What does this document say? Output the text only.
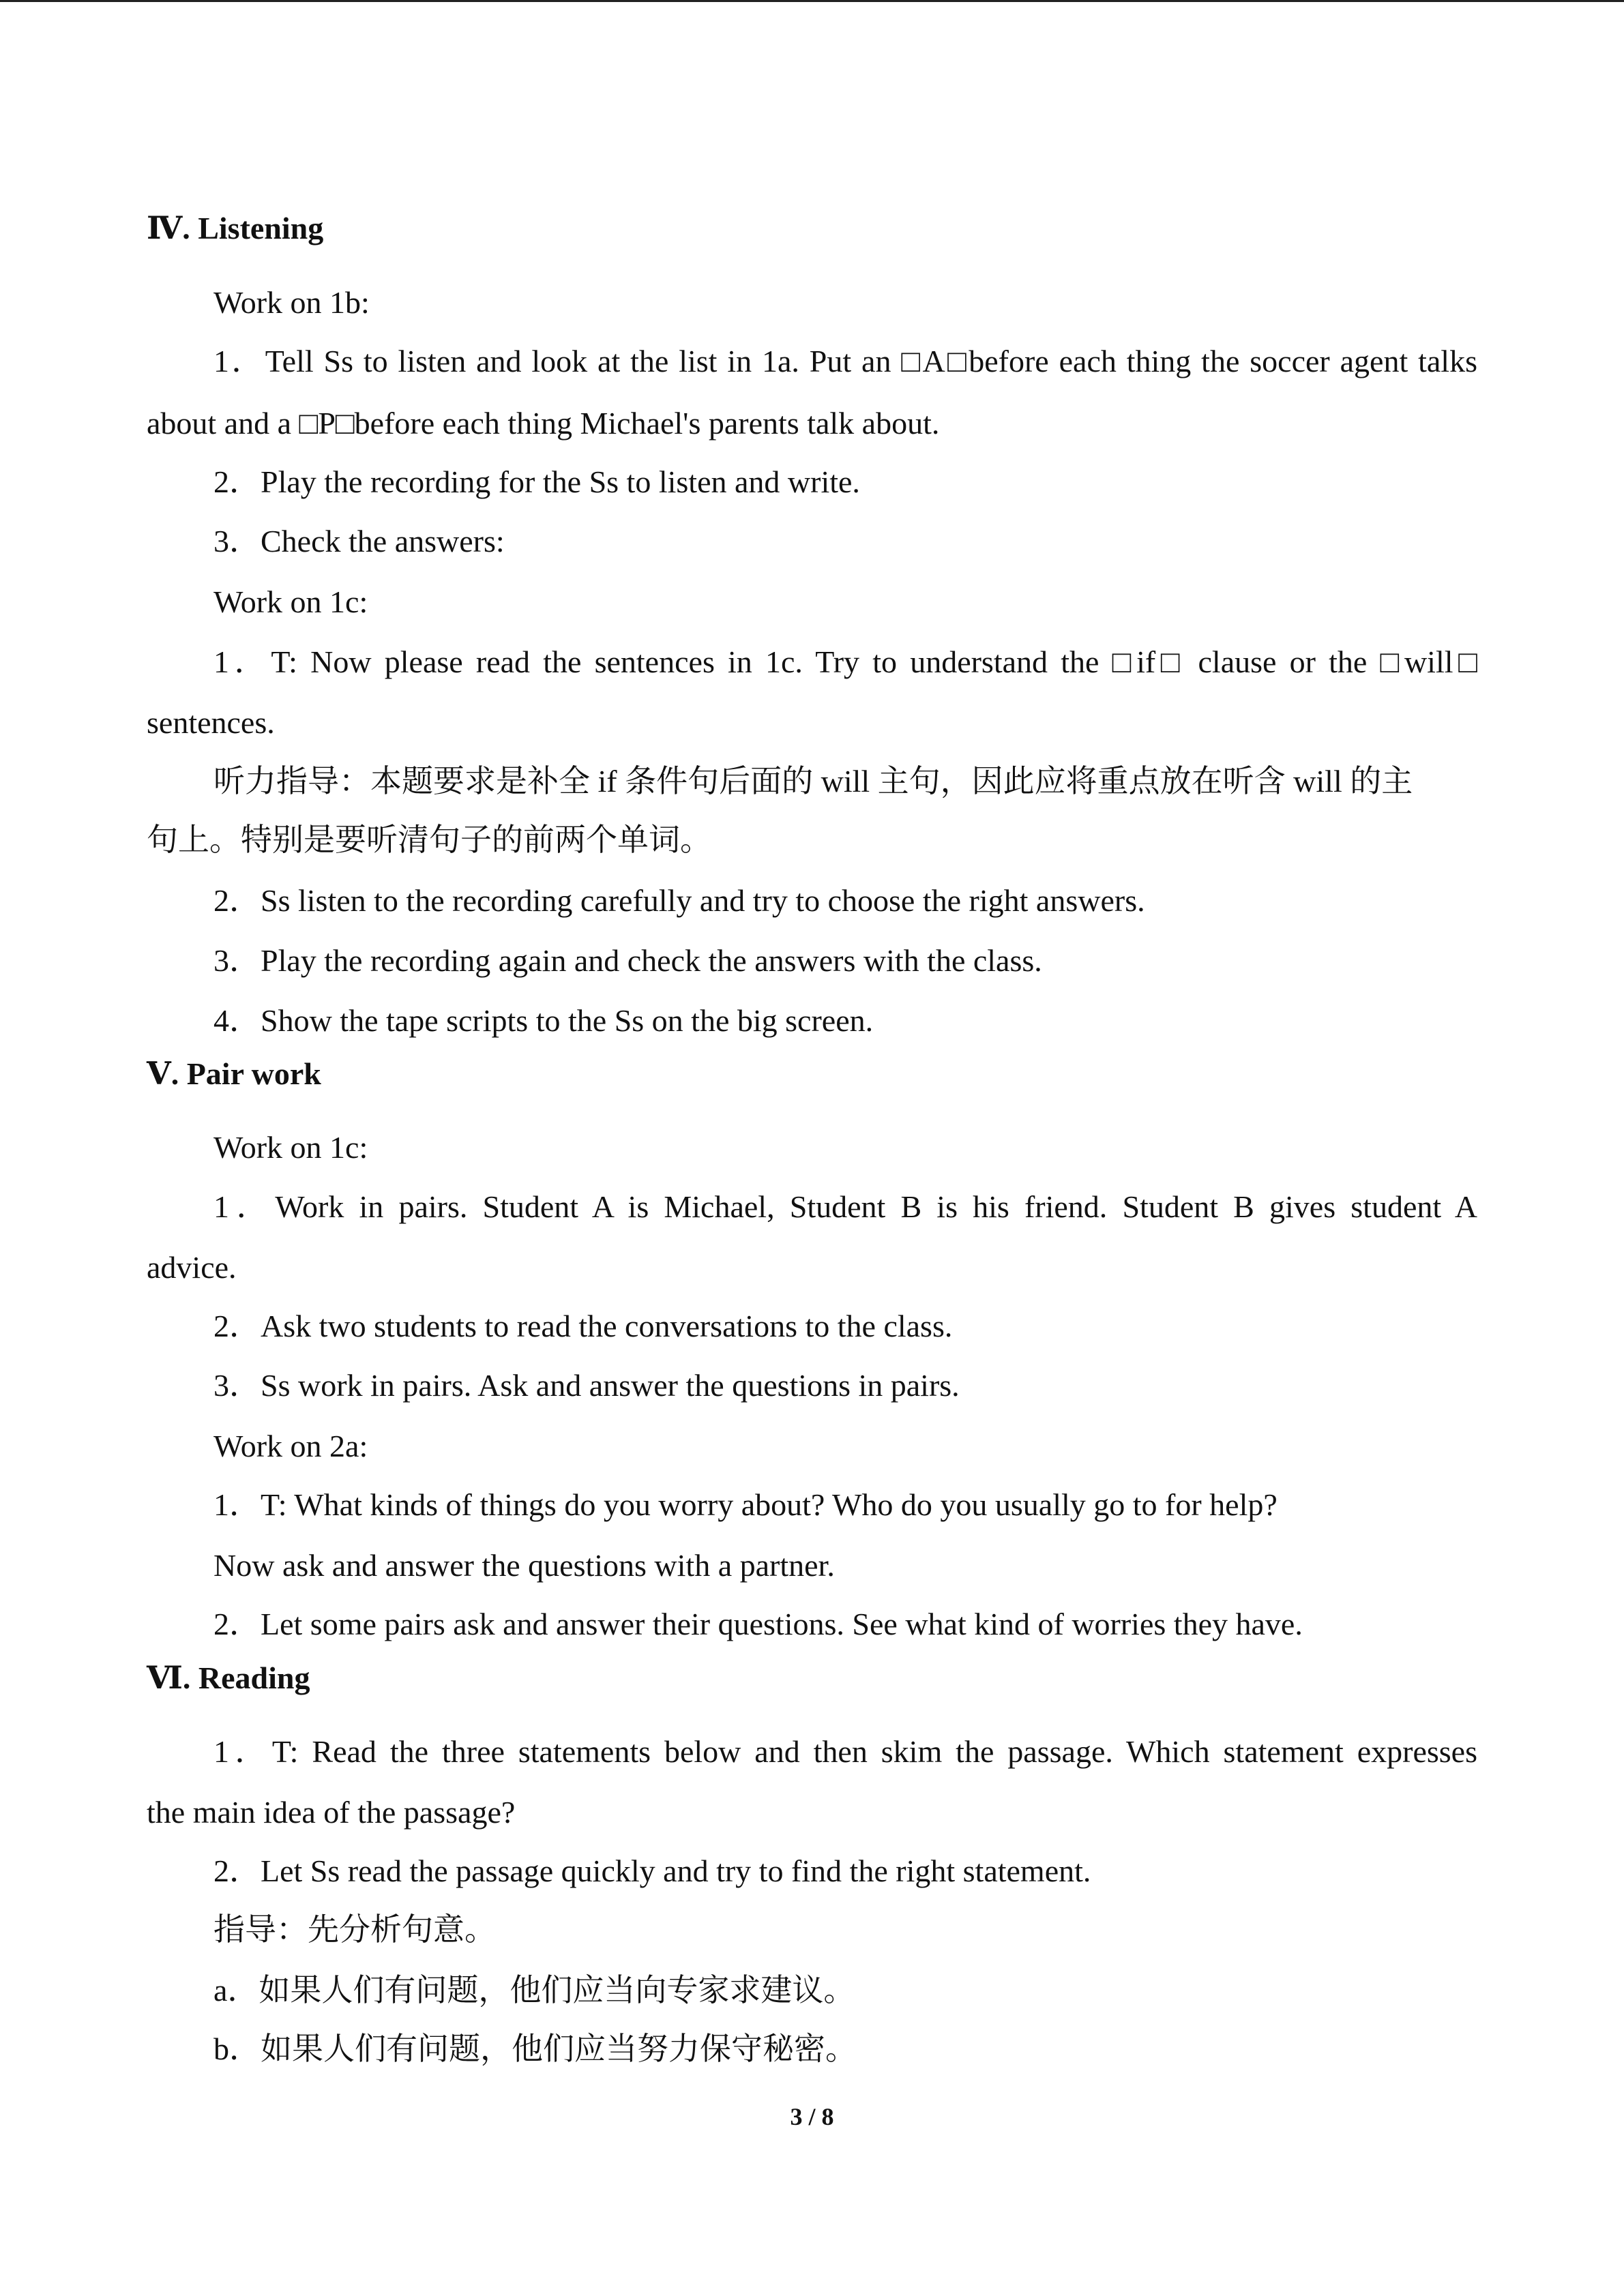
Ⅳ. Listening
Work on 1b:
1．Tell Ss to listen and look at the list in 1a. Put an □A□before each thing the soccer agent talks
about and a □P□before each thing Michael's parents talk about.
2．Play the recording for the Ss to listen and write.
3．Check the answers:
Work on 1c:
1．T: Now please read the sentences in 1c. Try to understand the □if□ clause or the □will□
sentences.
听力指导：本题要求是补全 if 条件句后面的 will 主句，因此应将重点放在听含 will 的主
句上。特别是要听清句子的前两个单词。
2．Ss listen to the recording carefully and try to choose the right answers.
3．Play the recording again and check the answers with the class.
4．Show the tape scripts to the Ss on the big screen.
Ⅴ. Pair work
Work on 1c:
1．Work in pairs. Student A is Michael, Student B is his friend. Student B gives student A
advice.
2．Ask two students to read the conversations to the class.
3．Ss work in pairs. Ask and answer the questions in pairs.
Work on 2a:
1．T: What kinds of things do you worry about? Who do you usually go to for help?
Now ask and answer the questions with a partner.
2．Let some pairs ask and answer their questions. See what kind of worries they have.
Ⅵ. Reading
1．T: Read the three statements below and then skim the passage. Which statement expresses
the main idea of the passage?
2．Let Ss read the passage quickly and try to find the right statement.
指导：先分析句意。
a．如果人们有问题，他们应当向专家求建议。
b．如果人们有问题，他们应当努力保守秘密。
3 / 8
